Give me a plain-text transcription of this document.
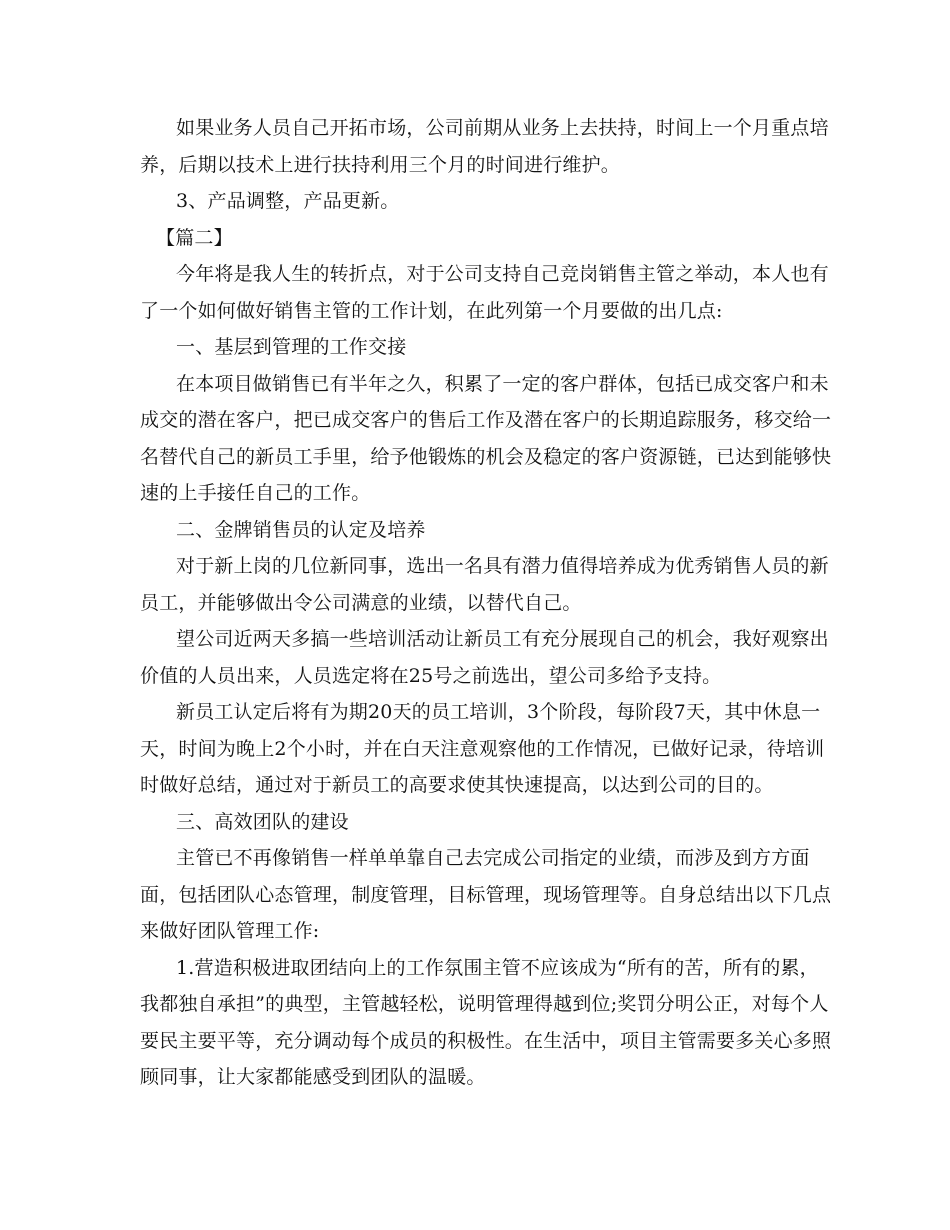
如果业务人员自己开拓市场，公司前期从业务上去扶持，时间上一个月重点培
养，后期以技术上进行扶持利用三个月的时间进行维护。
3、产品调整，产品更新。
【篇二】
今年将是我人生的转折点，对于公司支持自己竞岗销售主管之举动，本人也有
了一个如何做好销售主管的工作计划，在此列第一个月要做的出几点:
一、基层到管理的工作交接
在本项目做销售已有半年之久，积累了一定的客户群体，包括已成交客户和未
成交的潜在客户，把已成交客户的售后工作及潜在客户的长期追踪服务，移交给一
名替代自己的新员工手里，给予他锻炼的机会及稳定的客户资源链，已达到能够快
速的上手接任自己的工作。
二、金牌销售员的认定及培养
对于新上岗的几位新同事，选出一名具有潜力值得培养成为优秀销售人员的新
员工，并能够做出令公司满意的业绩，以替代自己。
望公司近两天多搞一些培训活动让新员工有充分展现自己的机会，我好观察出
价值的人员出来，人员选定将在25号之前选出，望公司多给予支持。
新员工认定后将有为期20天的员工培训，3个阶段，每阶段7天，其中休息一
天，时间为晚上2个小时，并在白天注意观察他的工作情况，已做好记录，待培训
时做好总结，通过对于新员工的高要求使其快速提高，以达到公司的目的。
三、高效团队的建设
主管已不再像销售一样单单靠自己去完成公司指定的业绩，而涉及到方方面
面，包括团队心态管理，制度管理，目标管理，现场管理等。自身总结出以下几点
来做好团队管理工作:
1.营造积极进取团结向上的工作氛围主管不应该成为“所有的苦，所有的累，
我都独自承担”的典型，主管越轻松，说明管理得越到位;奖罚分明公正，对每个人
要民主要平等，充分调动每个成员的积极性。在生活中，项目主管需要多关心多照
顾同事，让大家都能感受到团队的温暖。
